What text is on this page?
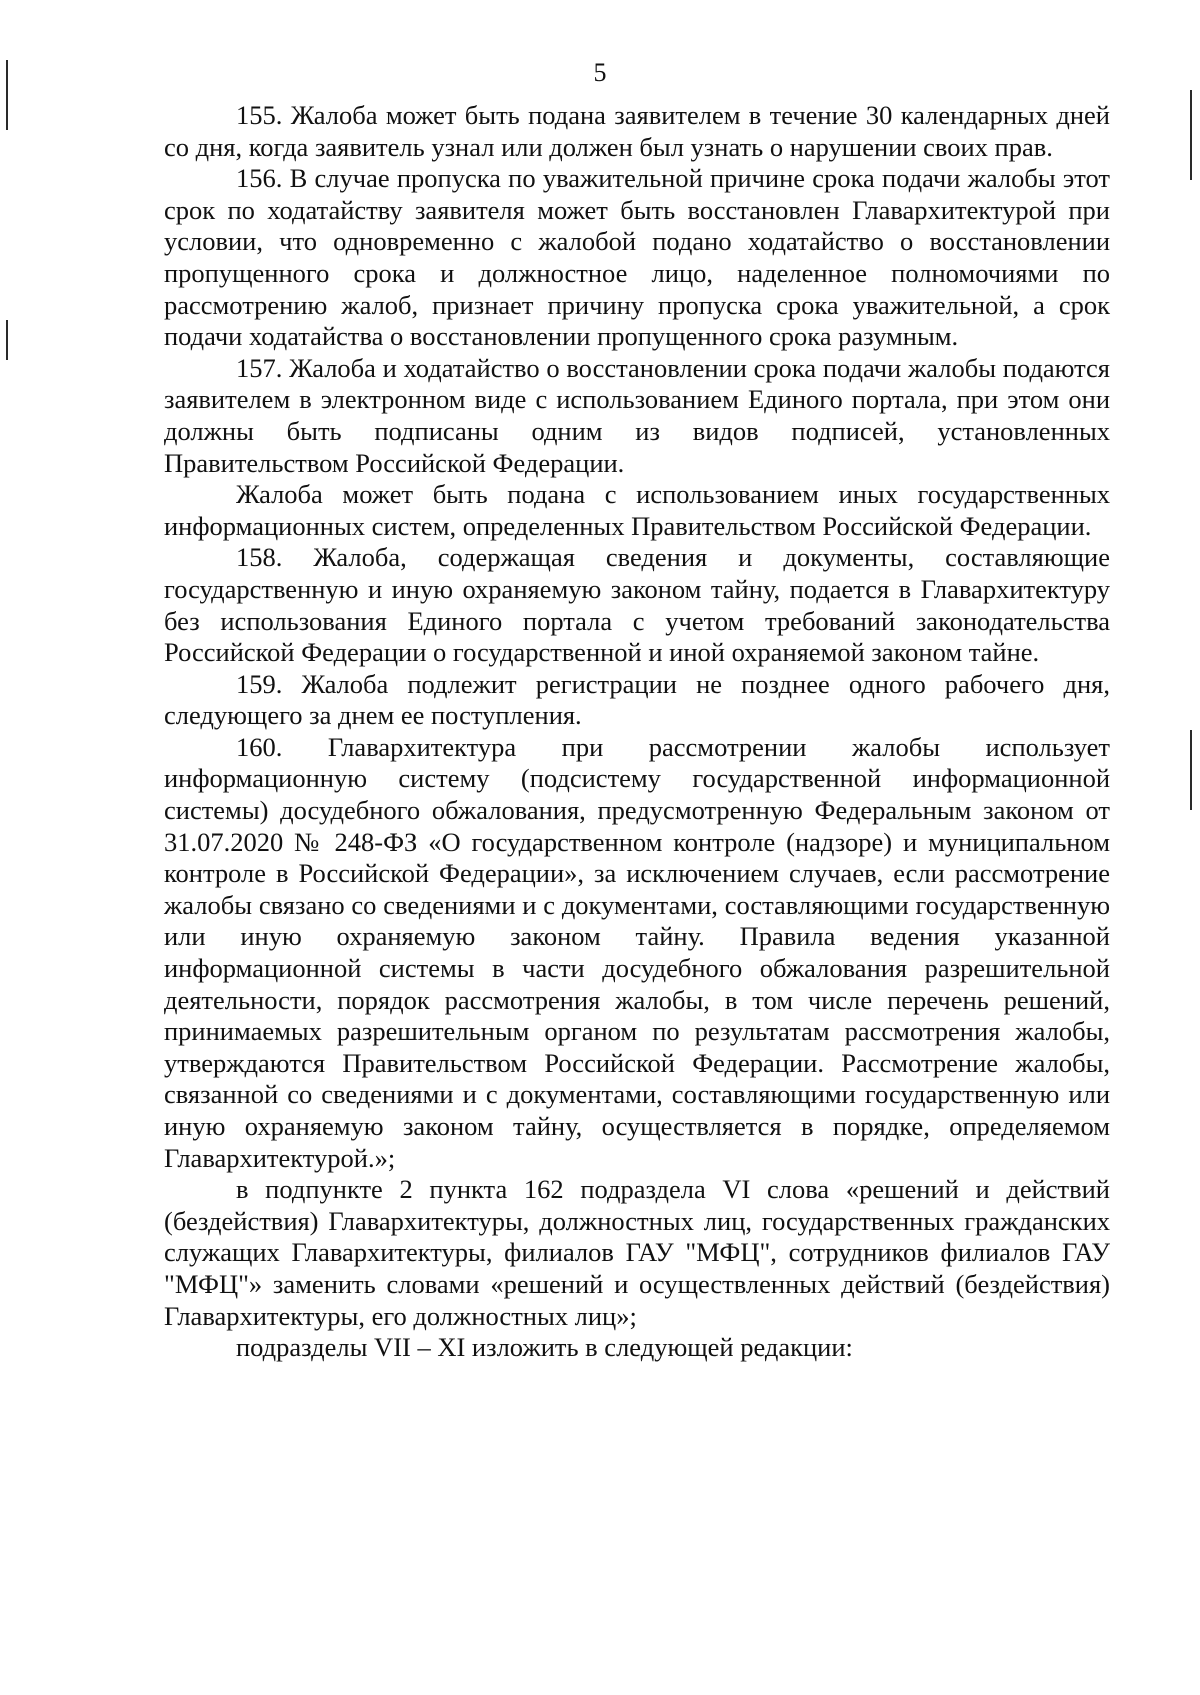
5

155. Жалоба может быть подана заявителем в течение 30 календарных дней со дня, когда заявитель узнал или должен был узнать о нарушении своих прав.

156. В случае пропуска по уважительной причине срока подачи жалобы этот срок по ходатайству заявителя может быть восстановлен Главархитектурой при условии, что одновременно с жалобой подано ходатайство о восстановлении пропущенного срока и должностное лицо, наделенное полномочиями по рассмотрению жалоб, признает причину пропуска срока уважительной, а срок подачи ходатайства о восстановлении пропущенного срока разумным.

157. Жалоба и ходатайство о восстановлении срока подачи жалобы подаются заявителем в электронном виде с использованием Единого портала, при этом они должны быть подписаны одним из видов подписей, установленных Правительством Российской Федерации.

Жалоба может быть подана с использованием иных государственных информационных систем, определенных Правительством Российской Федерации.

158. Жалоба, содержащая сведения и документы, составляющие государственную и иную охраняемую законом тайну, подается в Главархитектуру без использования Единого портала с учетом требований законодательства Российской Федерации о государственной и иной охраняемой законом тайне.

159. Жалоба подлежит регистрации не позднее одного рабочего дня, следующего за днем ее поступления.

160. Главархитектура при рассмотрении жалобы использует информационную систему (подсистему государственной информационной системы) досудебного обжалования, предусмотренную Федеральным законом от 31.07.2020 № 248-ФЗ «О государственном контроле (надзоре) и муниципальном контроле в Российской Федерации», за исключением случаев, если рассмотрение жалобы связано со сведениями и с документами, составляющими государственную или иную охраняемую законом тайну. Правила ведения указанной информационной системы в части досудебного обжалования разрешительной деятельности, порядок рассмотрения жалобы, в том числе перечень решений, принимаемых разрешительным органом по результатам рассмотрения жалобы, утверждаются Правительством Российской Федерации. Рассмотрение жалобы, связанной со сведениями и с документами, составляющими государственную или иную охраняемую законом тайну, осуществляется в порядке, определяемом Главархитектурой.»;

в подпункте 2 пункта 162 подраздела VI слова «решений и действий (бездействия) Главархитектуры, должностных лиц, государственных гражданских служащих Главархитектуры, филиалов ГАУ "МФЦ", сотрудников филиалов ГАУ "МФЦ"» заменить словами «решений и осуществленных действий (бездействия) Главархитектуры, его должностных лиц»;

подразделы VII – XI изложить в следующей редакции:
